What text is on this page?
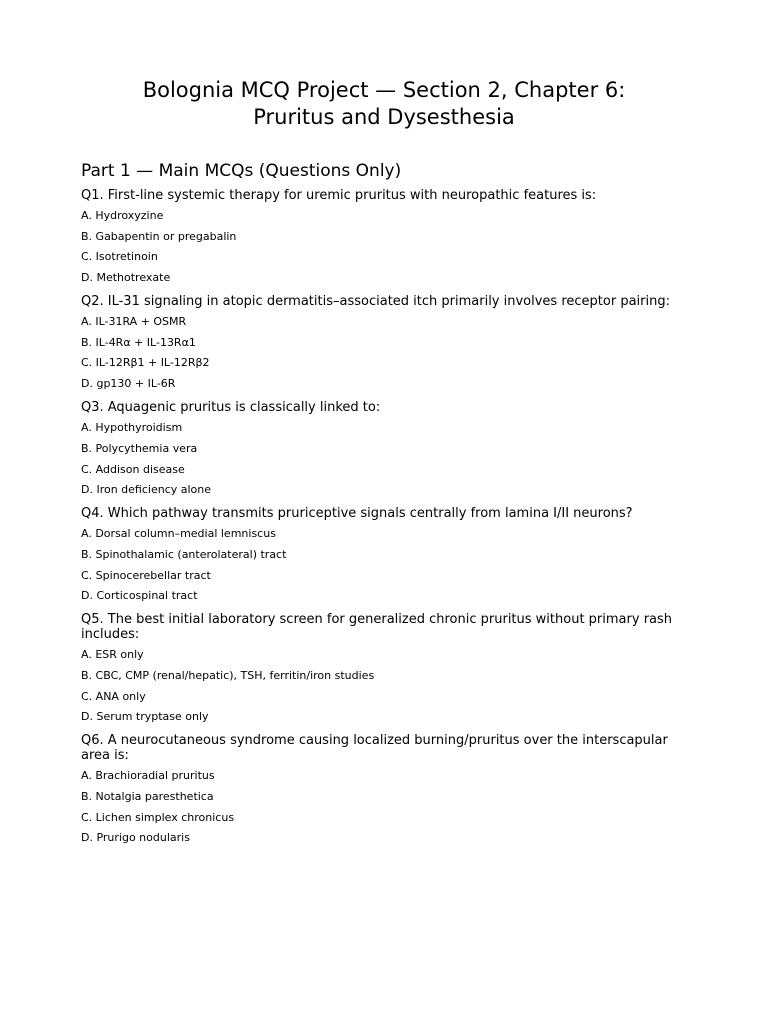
Bolognia MCQ Project — Section 2, Chapter 6:
Pruritus and Dysesthesia
Part 1 — Main MCQs (Questions Only)

Q1. First-line systemic therapy for uremic pruritus with neuropathic features is:

A. Hydroxyzine
B. Gabapentin or pregabalin
C. Isotretinoin
D. Methotrexate

Q2. IL-31 signaling in atopic dermatitis–associated itch primarily involves receptor pairing:

A. IL-31RA + OSMR
B. IL-4Rα + IL-13Rα1
C. IL-12Rβ1 + IL-12Rβ2
D. gp130 + IL-6R

Q3. Aquagenic pruritus is classically linked to:

A. Hypothyroidism
B. Polycythemia vera
C. Addison disease
D. Iron deficiency alone

Q4. Which pathway transmits pruriceptive signals centrally from lamina I/II neurons?

A. Dorsal column–medial lemniscus
B. Spinothalamic (anterolateral) tract
C. Spinocerebellar tract
D. Corticospinal tract

Q5. The best initial laboratory screen for generalized chronic pruritus without primary rash includes:

A. ESR only
B. CBC, CMP (renal/hepatic), TSH, ferritin/iron studies
C. ANA only
D. Serum tryptase only

Q6. A neurocutaneous syndrome causing localized burning/pruritus over the interscapular area is:

A. Brachioradial pruritus
B. Notalgia paresthetica
C. Lichen simplex chronicus
D. Prurigo nodularis
